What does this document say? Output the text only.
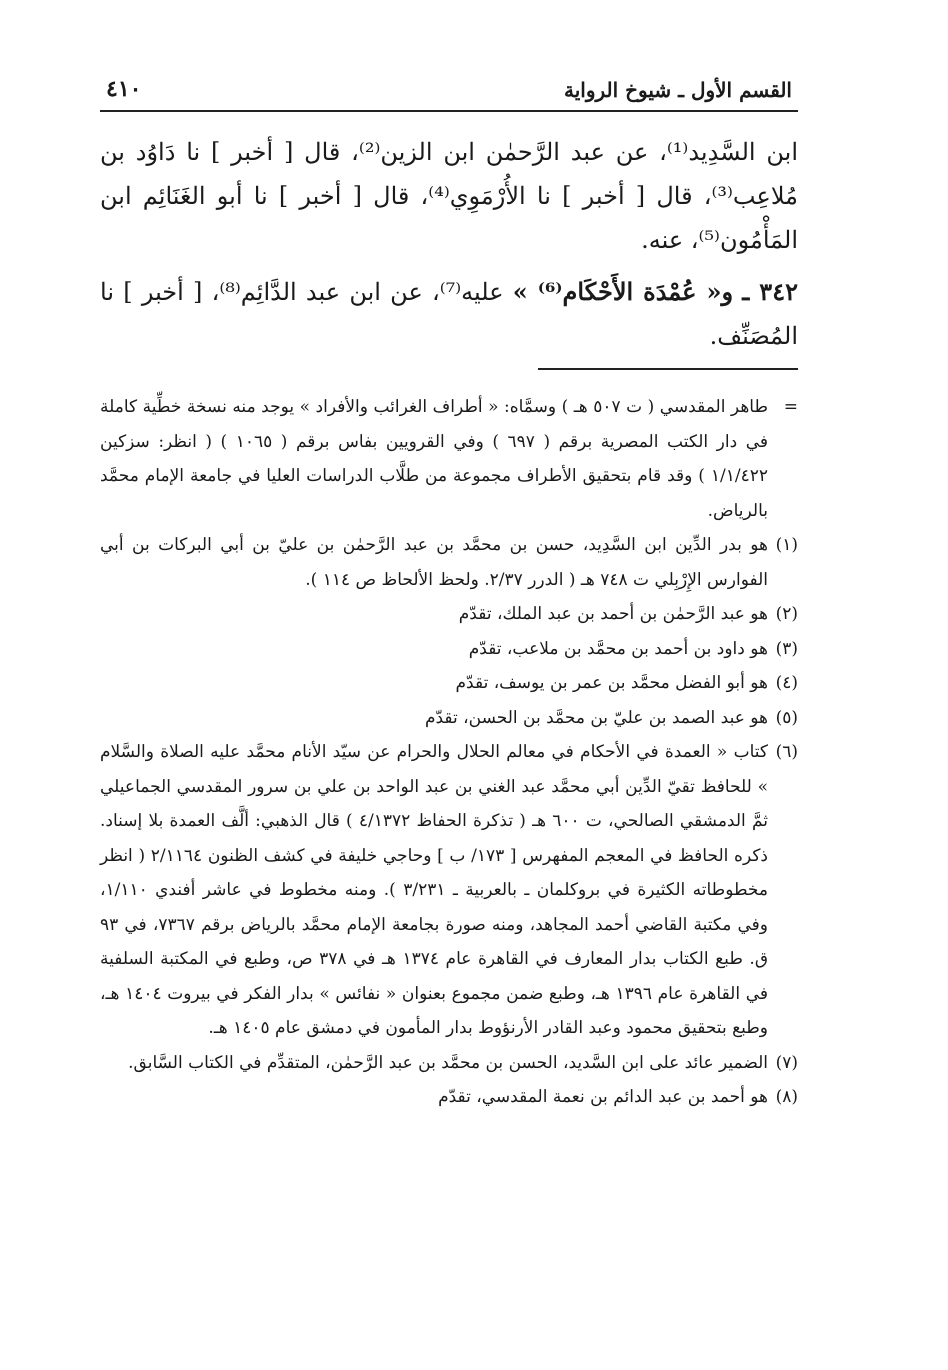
القسم الأول ـ شيوخ الرواية
٤١٠

ابن السَّدِيد⁽¹⁾، عن عبد الرَّحمٰن ابن الزين⁽²⁾، قال [ أخبر ] نا دَاوُد بن مُلاعِب⁽³⁾، قال [ أخبر ] نا الأُرْمَوِي⁽⁴⁾، قال [ أخبر ] نا أبو الغَنَائِم ابن المَأْمُون⁽⁵⁾، عنه.

٣٤٢ ـ و« عُمْدَة الأَحْكَام⁽⁶⁾ » عليه⁽⁷⁾، عن ابن عبد الدَّائِم⁽⁸⁾، [ أخبر ] نا المُصَنِّف.

=
طاهر المقدسي ( ت ٥٠٧ هـ ) وسمَّاه: « أطراف الغرائب والأفراد » يوجد منه نسخة خطِّية كاملة في دار الكتب المصرية برقم ( ٦٩٧ ) وفي القرويين بفاس برقم ( ١٠٦٥ ) ( انظر: سزكين ١/١/٤٢٢ ) وقد قام بتحقيق الأطراف مجموعة من طلَّاب الدراسات العليا في جامعة الإمام محمَّد بالرياض.
(١)
هو بدر الدِّين ابن السَّدِيد، حسن بن محمَّد بن عبد الرَّحمٰن بن عليّ بن أبي البركات بن أبي الفوارس الإِرْبِلي ت ٧٤٨ هـ ( الدرر ٢/٣٧. ولحظ الألحاظ ص ١١٤ ).
(٢)
هو عبد الرَّحمٰن بن أحمد بن عبد الملك، تقدّم
(٣)
هو داود بن أحمد بن محمَّد بن ملاعب، تقدّم
(٤)
هو أبو الفضل محمَّد بن عمر بن يوسف، تقدّم
(٥)
هو عبد الصمد بن عليّ بن محمَّد بن الحسن، تقدّم
(٦)
كتاب « العمدة في الأحكام في معالم الحلال والحرام عن سيّد الأنام محمَّد عليه الصلاة والسَّلام » للحافظ تقيّ الدِّين أبي محمَّد عبد الغني بن عبد الواحد بن علي بن سرور المقدسي الجماعيلي ثمَّ الدمشقي الصالحي، ت ٦٠٠ هـ ( تذكرة الحفاظ ٤/١٣٧٢ ) قال الذهبي: ألَّف العمدة بلا إسناد. ذكره الحافظ في المعجم المفهرس [ ١٧٣/ ب ] وحاجي خليفة في كشف الظنون ٢/١١٦٤ ( انظر مخطوطاته الكثيرة في بروكلمان ـ بالعربية ـ ٣/٢٣١ ). ومنه مخطوط في عاشر أفندي ١/١١٠، وفي مكتبة القاضي أحمد المجاهد، ومنه صورة بجامعة الإمام محمَّد بالرياض برقم ٧٣٦٧، في ٩٣ ق. طبع الكتاب بدار المعارف في القاهرة عام ١٣٧٤ هـ في ٣٧٨ ص، وطبع في المكتبة السلفية في القاهرة عام ١٣٩٦ هـ، وطبع ضمن مجموع بعنوان « نفائس » بدار الفكر في بيروت ١٤٠٤ هـ، وطبع بتحقيق محمود وعبد القادر الأرنؤوط بدار المأمون في دمشق عام ١٤٠٥ هـ.
(٧)
الضمير عائد على ابن السَّديد، الحسن بن محمَّد بن عبد الرَّحمٰن، المتقدِّم في الكتاب السَّابق.
(٨)
هو أحمد بن عبد الدائم بن نعمة المقدسي، تقدّم
